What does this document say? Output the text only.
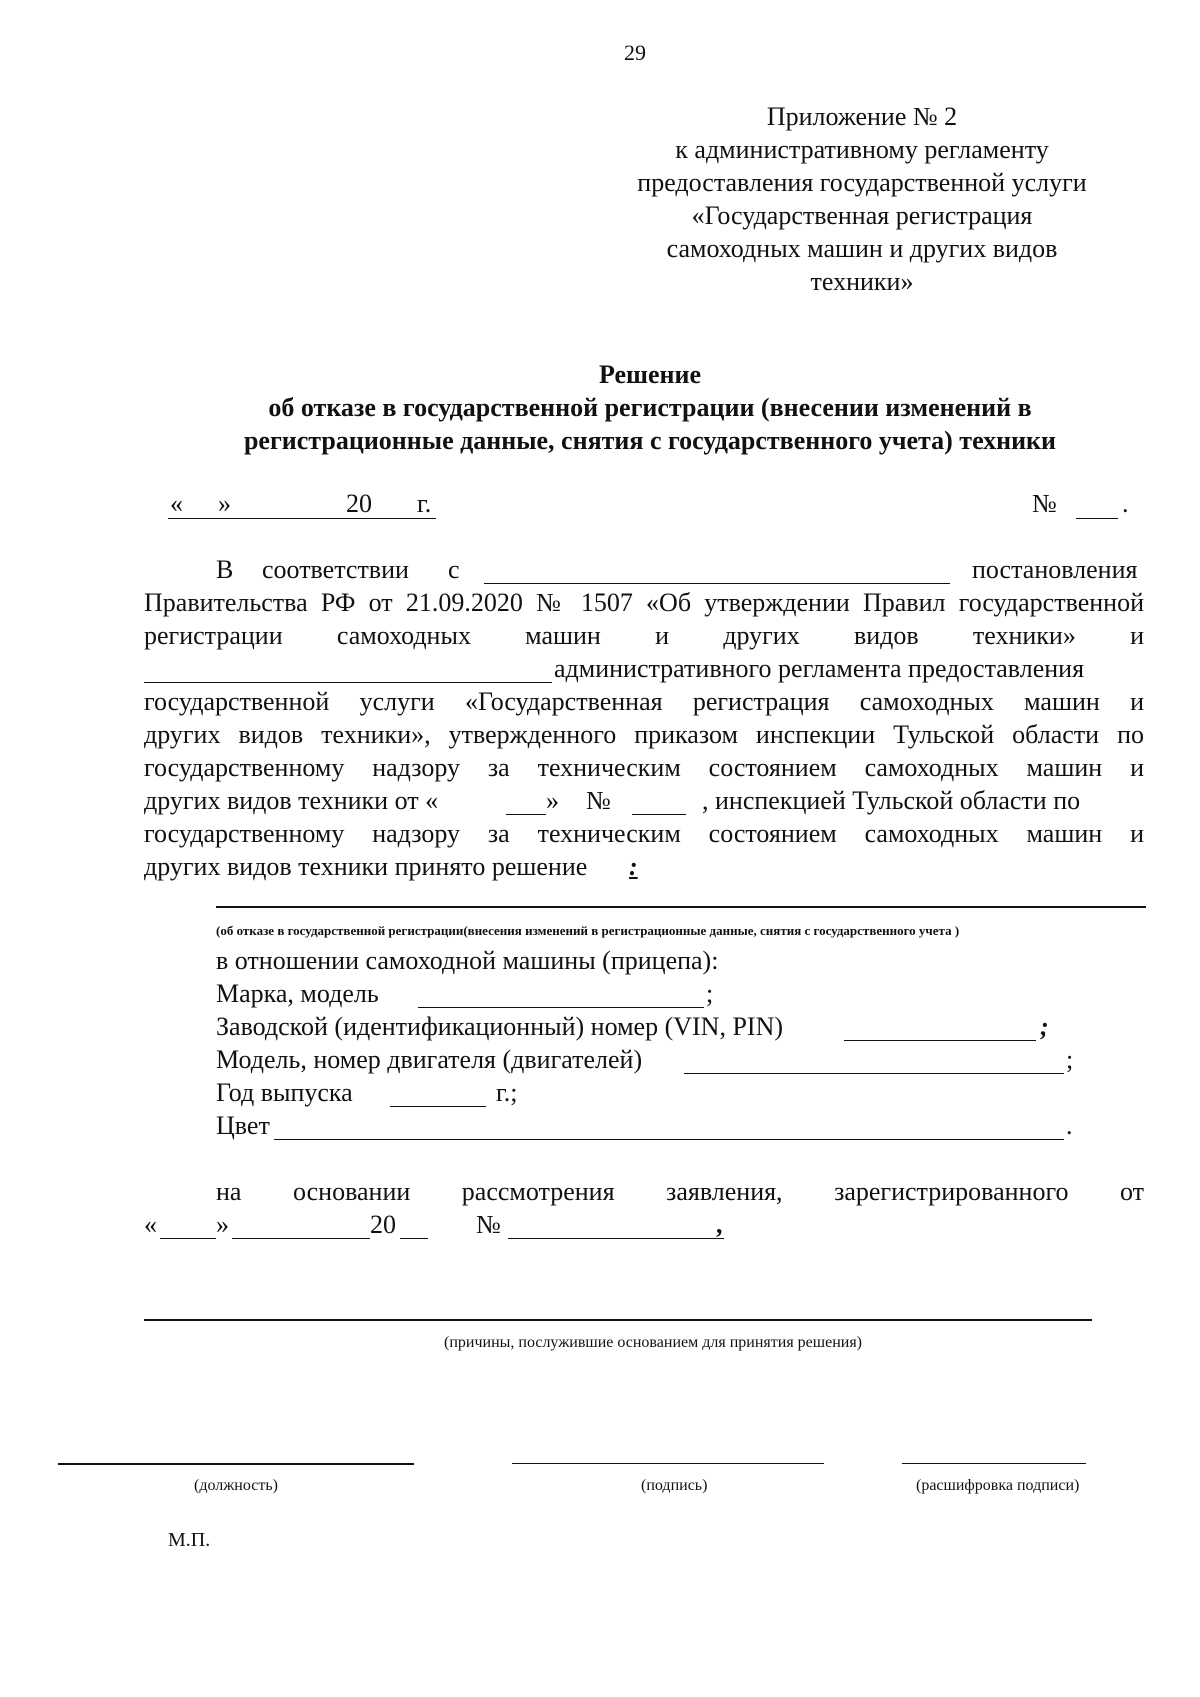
29
Приложение № 2
к административному регламенту
предоставления государственной услуги
«Государственная регистрация
самоходных машин и других видов
техники»
Решение
об отказе в государственной регистрации (внесении изменений в
регистрационные данные, снятия с государственного учета) техники
« »	20 г.	№	.
В соответствии с	постановления
Правительства РФ от 21.09.2020 № 1507 «Об утверждении Правил государственной
регистрации самоходных машин и других видов техники» и
административного регламента предоставления
государственной услуги «Государственная регистрация самоходных машин и
других видов техники», утвержденного приказом инспекции Тульской области по
государственному надзору за техническим состоянием самоходных машин и
других видов техники от «	» №	, инспекцией Тульской области по
государственному надзору за техническим состоянием самоходных машин и
других видов техники принято решение :
(об отказе в государственной регистрации(внесения изменений в регистрационные данные, снятия с государственного учета )
в отношении самоходной машины (прицепа):
Марка, модель	;
Заводской (идентификационный) номер (VIN, PIN)	;
Модель, номер двигателя (двигателей)	;
Год выпуска	г.;
Цвет	.
на основании рассмотрения заявления, зарегистрированного от
« »	20	№	,
(причины, послужившие основанием для принятия решения)
(должность)	(подпись)	(расшифровка подписи)
М.П.
